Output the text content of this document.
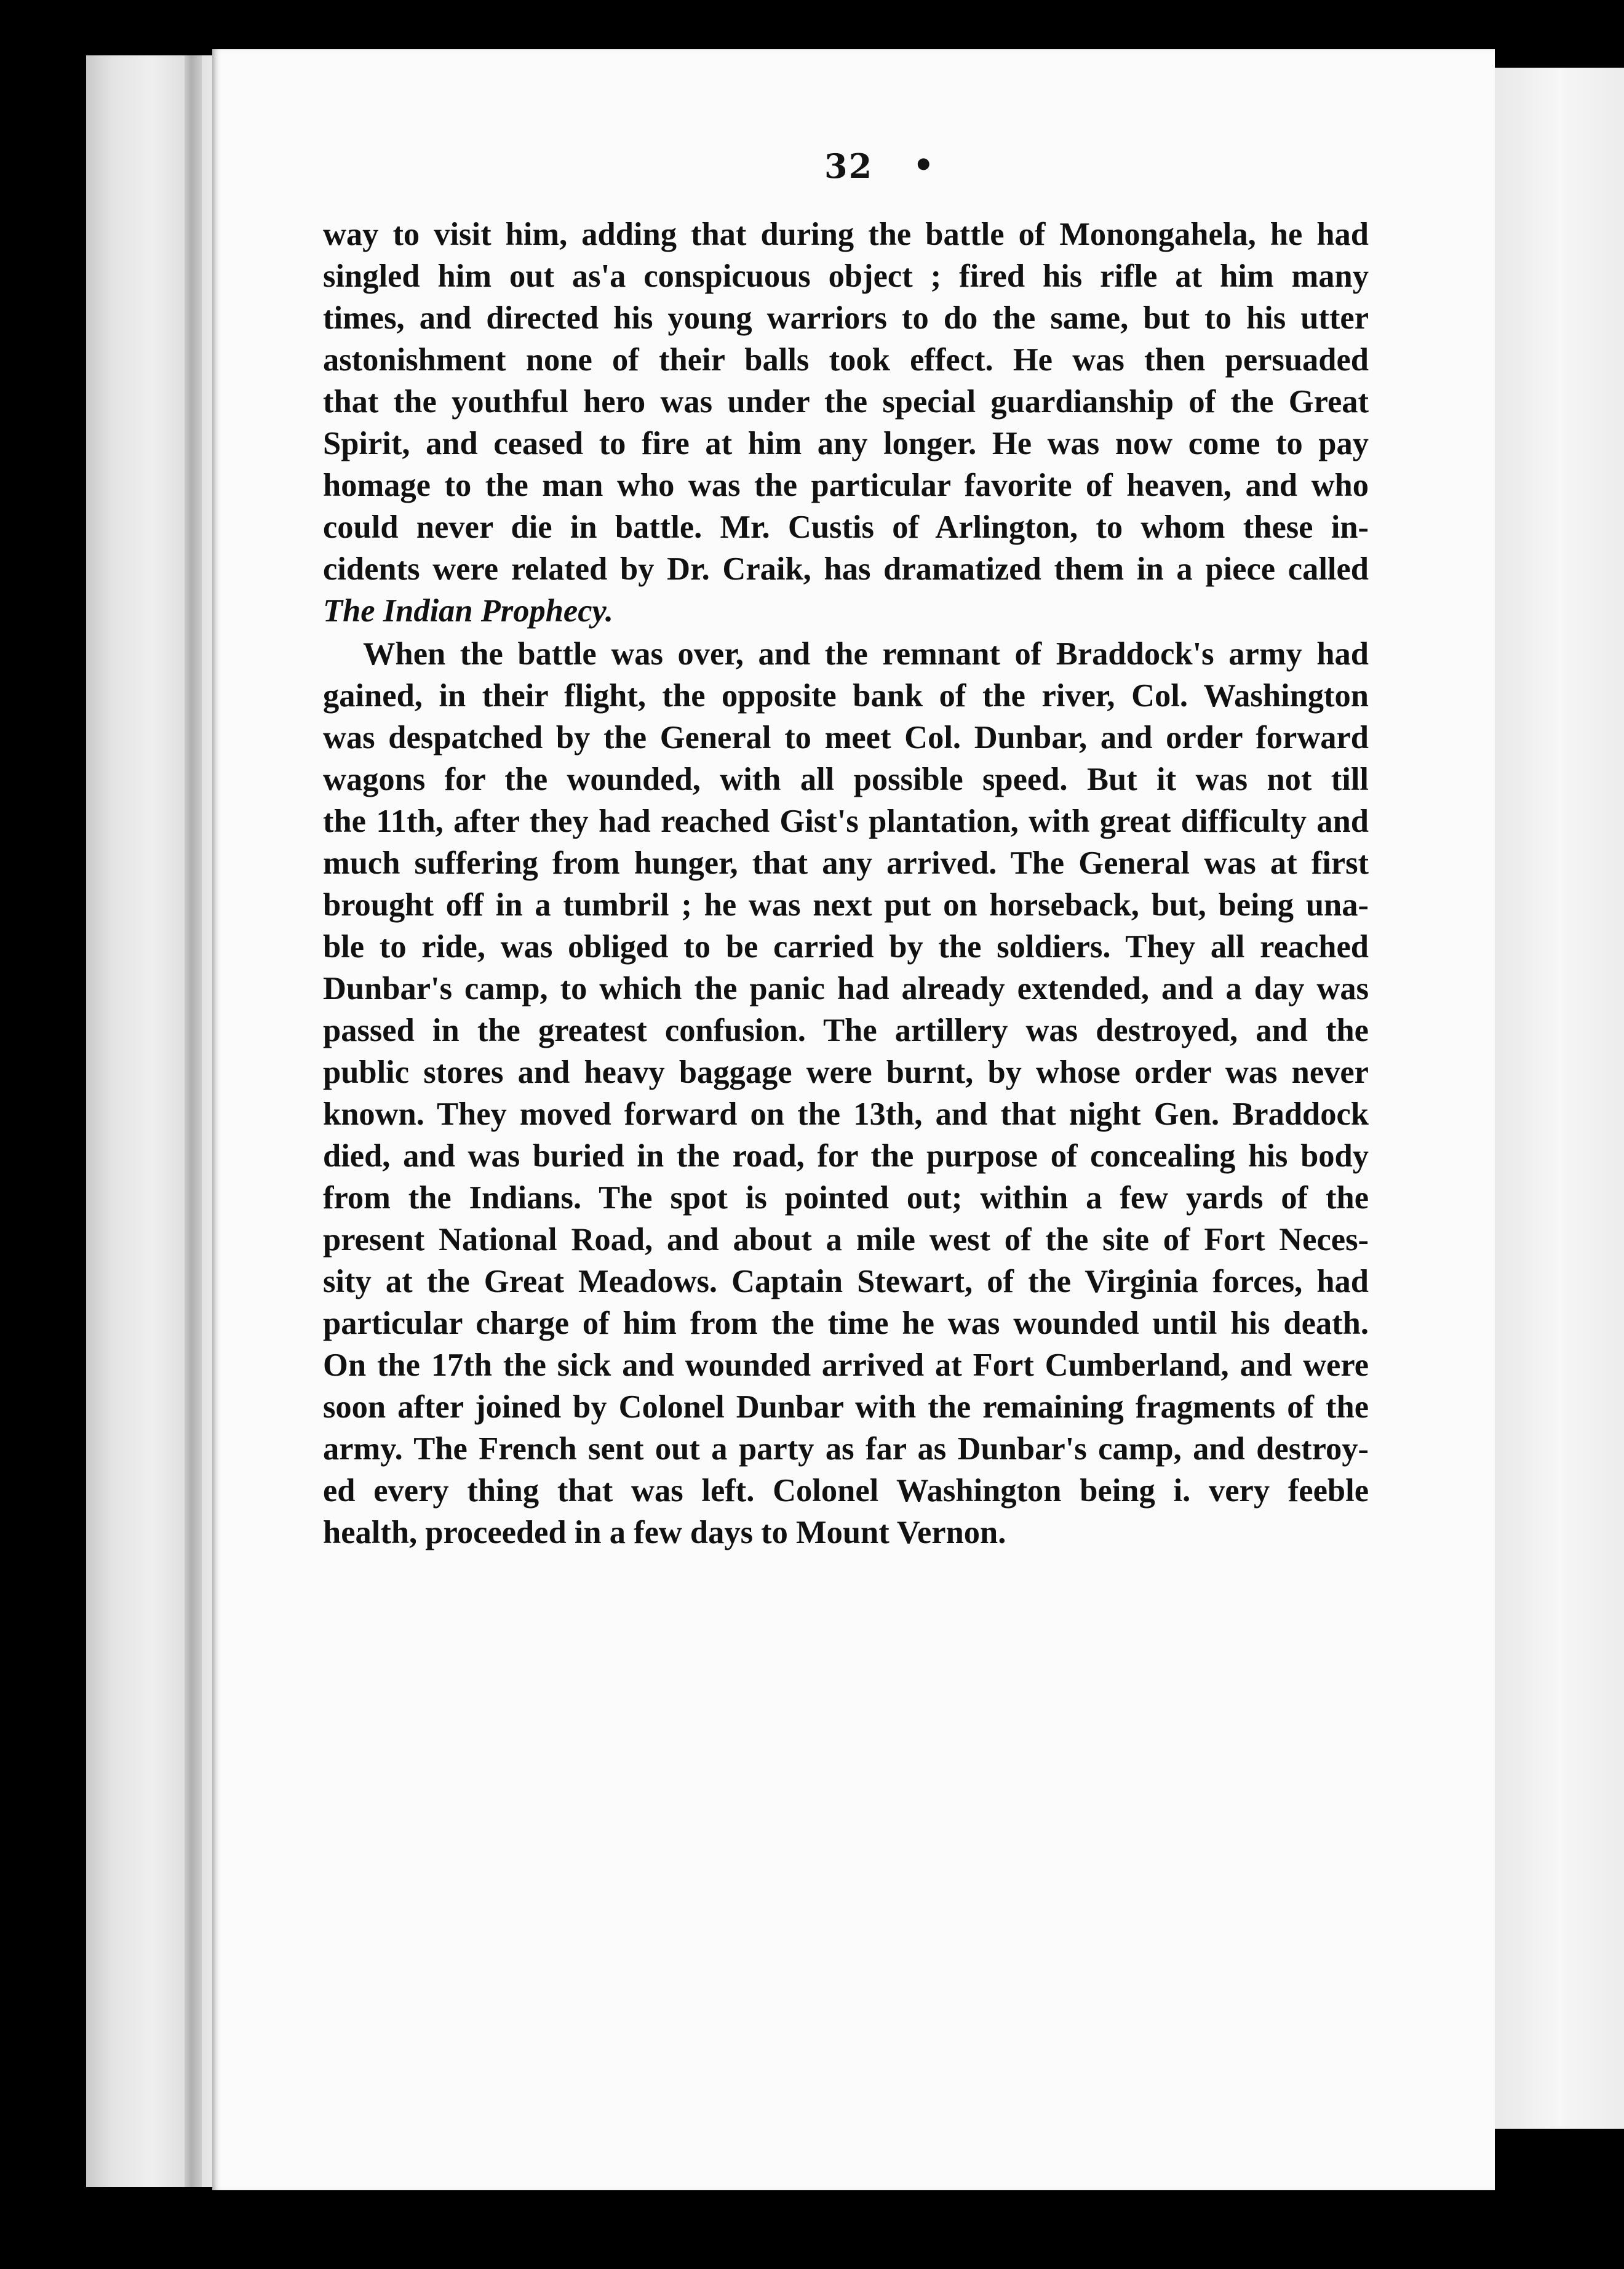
32 •
way to visit him, adding that during the battle of Monongahela, he had
singled him out as'a conspicuous object ; fired his rifle at him many
times, and directed his young warriors to do the same, but to his utter
astonishment none of their balls took effect. He was then persuaded
that the youthful hero was under the special guardianship of the Great
Spirit, and ceased to fire at him any longer. He was now come to pay
homage to the man who was the particular favorite of heaven, and who
could never die in battle. Mr. Custis of Arlington, to whom these in-
cidents were related by Dr. Craik, has dramatized them in a piece called
The Indian Prophecy.
When the battle was over, and the remnant of Braddock's army had
gained, in their flight, the opposite bank of the river, Col. Washington
was despatched by the General to meet Col. Dunbar, and order forward
wagons for the wounded, with all possible speed. But it was not till
the 11th, after they had reached Gist's plantation, with great difficulty and
much suffering from hunger, that any arrived. The General was at first
brought off in a tumbril ; he was next put on horseback, but, being una-
ble to ride, was obliged to be carried by the soldiers. They all reached
Dunbar's camp, to which the panic had already extended, and a day was
passed in the greatest confusion. The artillery was destroyed, and the
public stores and heavy baggage were burnt, by whose order was never
known. They moved forward on the 13th, and that night Gen. Braddock
died, and was buried in the road, for the purpose of concealing his body
from the Indians. The spot is pointed out; within a few yards of the
present National Road, and about a mile west of the site of Fort Neces-
sity at the Great Meadows. Captain Stewart, of the Virginia forces, had
particular charge of him from the time he was wounded until his death.
On the 17th the sick and wounded arrived at Fort Cumberland, and were
soon after joined by Colonel Dunbar with the remaining fragments of the
army. The French sent out a party as far as Dunbar's camp, and destroy-
ed every thing that was left. Colonel Washington being i. very feeble
health, proceeded in a few days to Mount Vernon.
